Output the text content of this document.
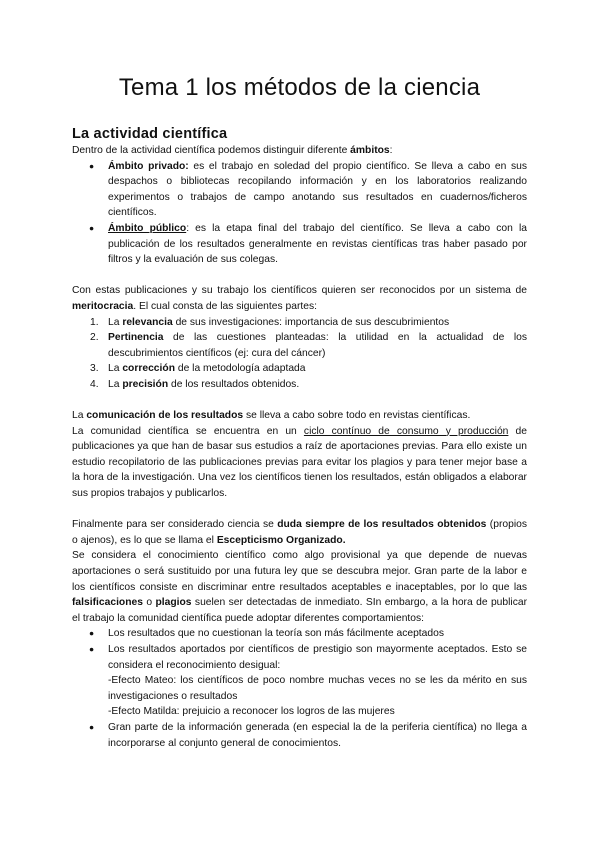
Tema 1 los métodos de la ciencia
La actividad científica

Dentro de la actividad científica podemos distinguir diferente ámbitos:

● Ámbito privado: es el trabajo en soledad del propio científico. Se lleva a cabo en sus despachos o bibliotecas recopilando información y en los laboratorios realizando experimentos o trabajos de campo anotando sus resultados en cuadernos/ficheros científicos.
● Ámbito público: es la etapa final del trabajo del científico. Se lleva a cabo con la publicación de los resultados generalmente en revistas científicas tras haber pasado por filtros y la evaluación de sus colegas.

Con estas publicaciones y su trabajo los científicos quieren ser reconocidos por un sistema de meritocracia. El cual consta de las siguientes partes:

1. La relevancia de sus investigaciones: importancia de sus descubrimientos
2. Pertinencia de las cuestiones planteadas: la utilidad en la actualidad de los descubrimientos científicos (ej: cura del cáncer)
3. La corrección de la metodología adaptada
4. La precisión de los resultados obtenidos.

La comunicación de los resultados se lleva a cabo sobre todo en revistas científicas.

La comunidad científica se encuentra en un ciclo contínuo de consumo y producción de publicaciones ya que han de basar sus estudios a raíz de aportaciones previas. Para ello existe un estudio recopilatorio de las publicaciones previas para evitar los plagios y para tener mejor base a la hora de la investigación. Una vez los científicos tienen los resultados, están obligados a elaborar sus propios trabajos y publicarlos.

Finalmente para ser considerado ciencia se duda siempre de los resultados obtenidos (propios o ajenos), es lo que se llama el Escepticismo Organizado.

Se considera el conocimiento científico como algo provisional ya que depende de nuevas aportaciones o será sustituido por una futura ley que se descubra mejor. Gran parte de la labor e los científicos consiste en discriminar entre resultados aceptables e inaceptables, por lo que las falsificaciones o plagios suelen ser detectadas de inmediato. SIn embargo, a la hora de publicar el trabajo la comunidad científica puede adoptar diferentes comportamientos:

● Los resultados que no cuestionan la teoría son más fácilmente aceptados
● Los resultados aportados por científicos de prestigio son mayormente aceptados. Esto se considera el reconocimiento desigual:
-Efecto Mateo: los científicos de poco nombre muchas veces no se les da mérito en sus investigaciones o resultados
-Efecto Matilda: prejuicio a reconocer los logros de las mujeres
● Gran parte de la información generada (en especial la de la periferia científica) no llega a incorporarse al conjunto general de conocimientos.
